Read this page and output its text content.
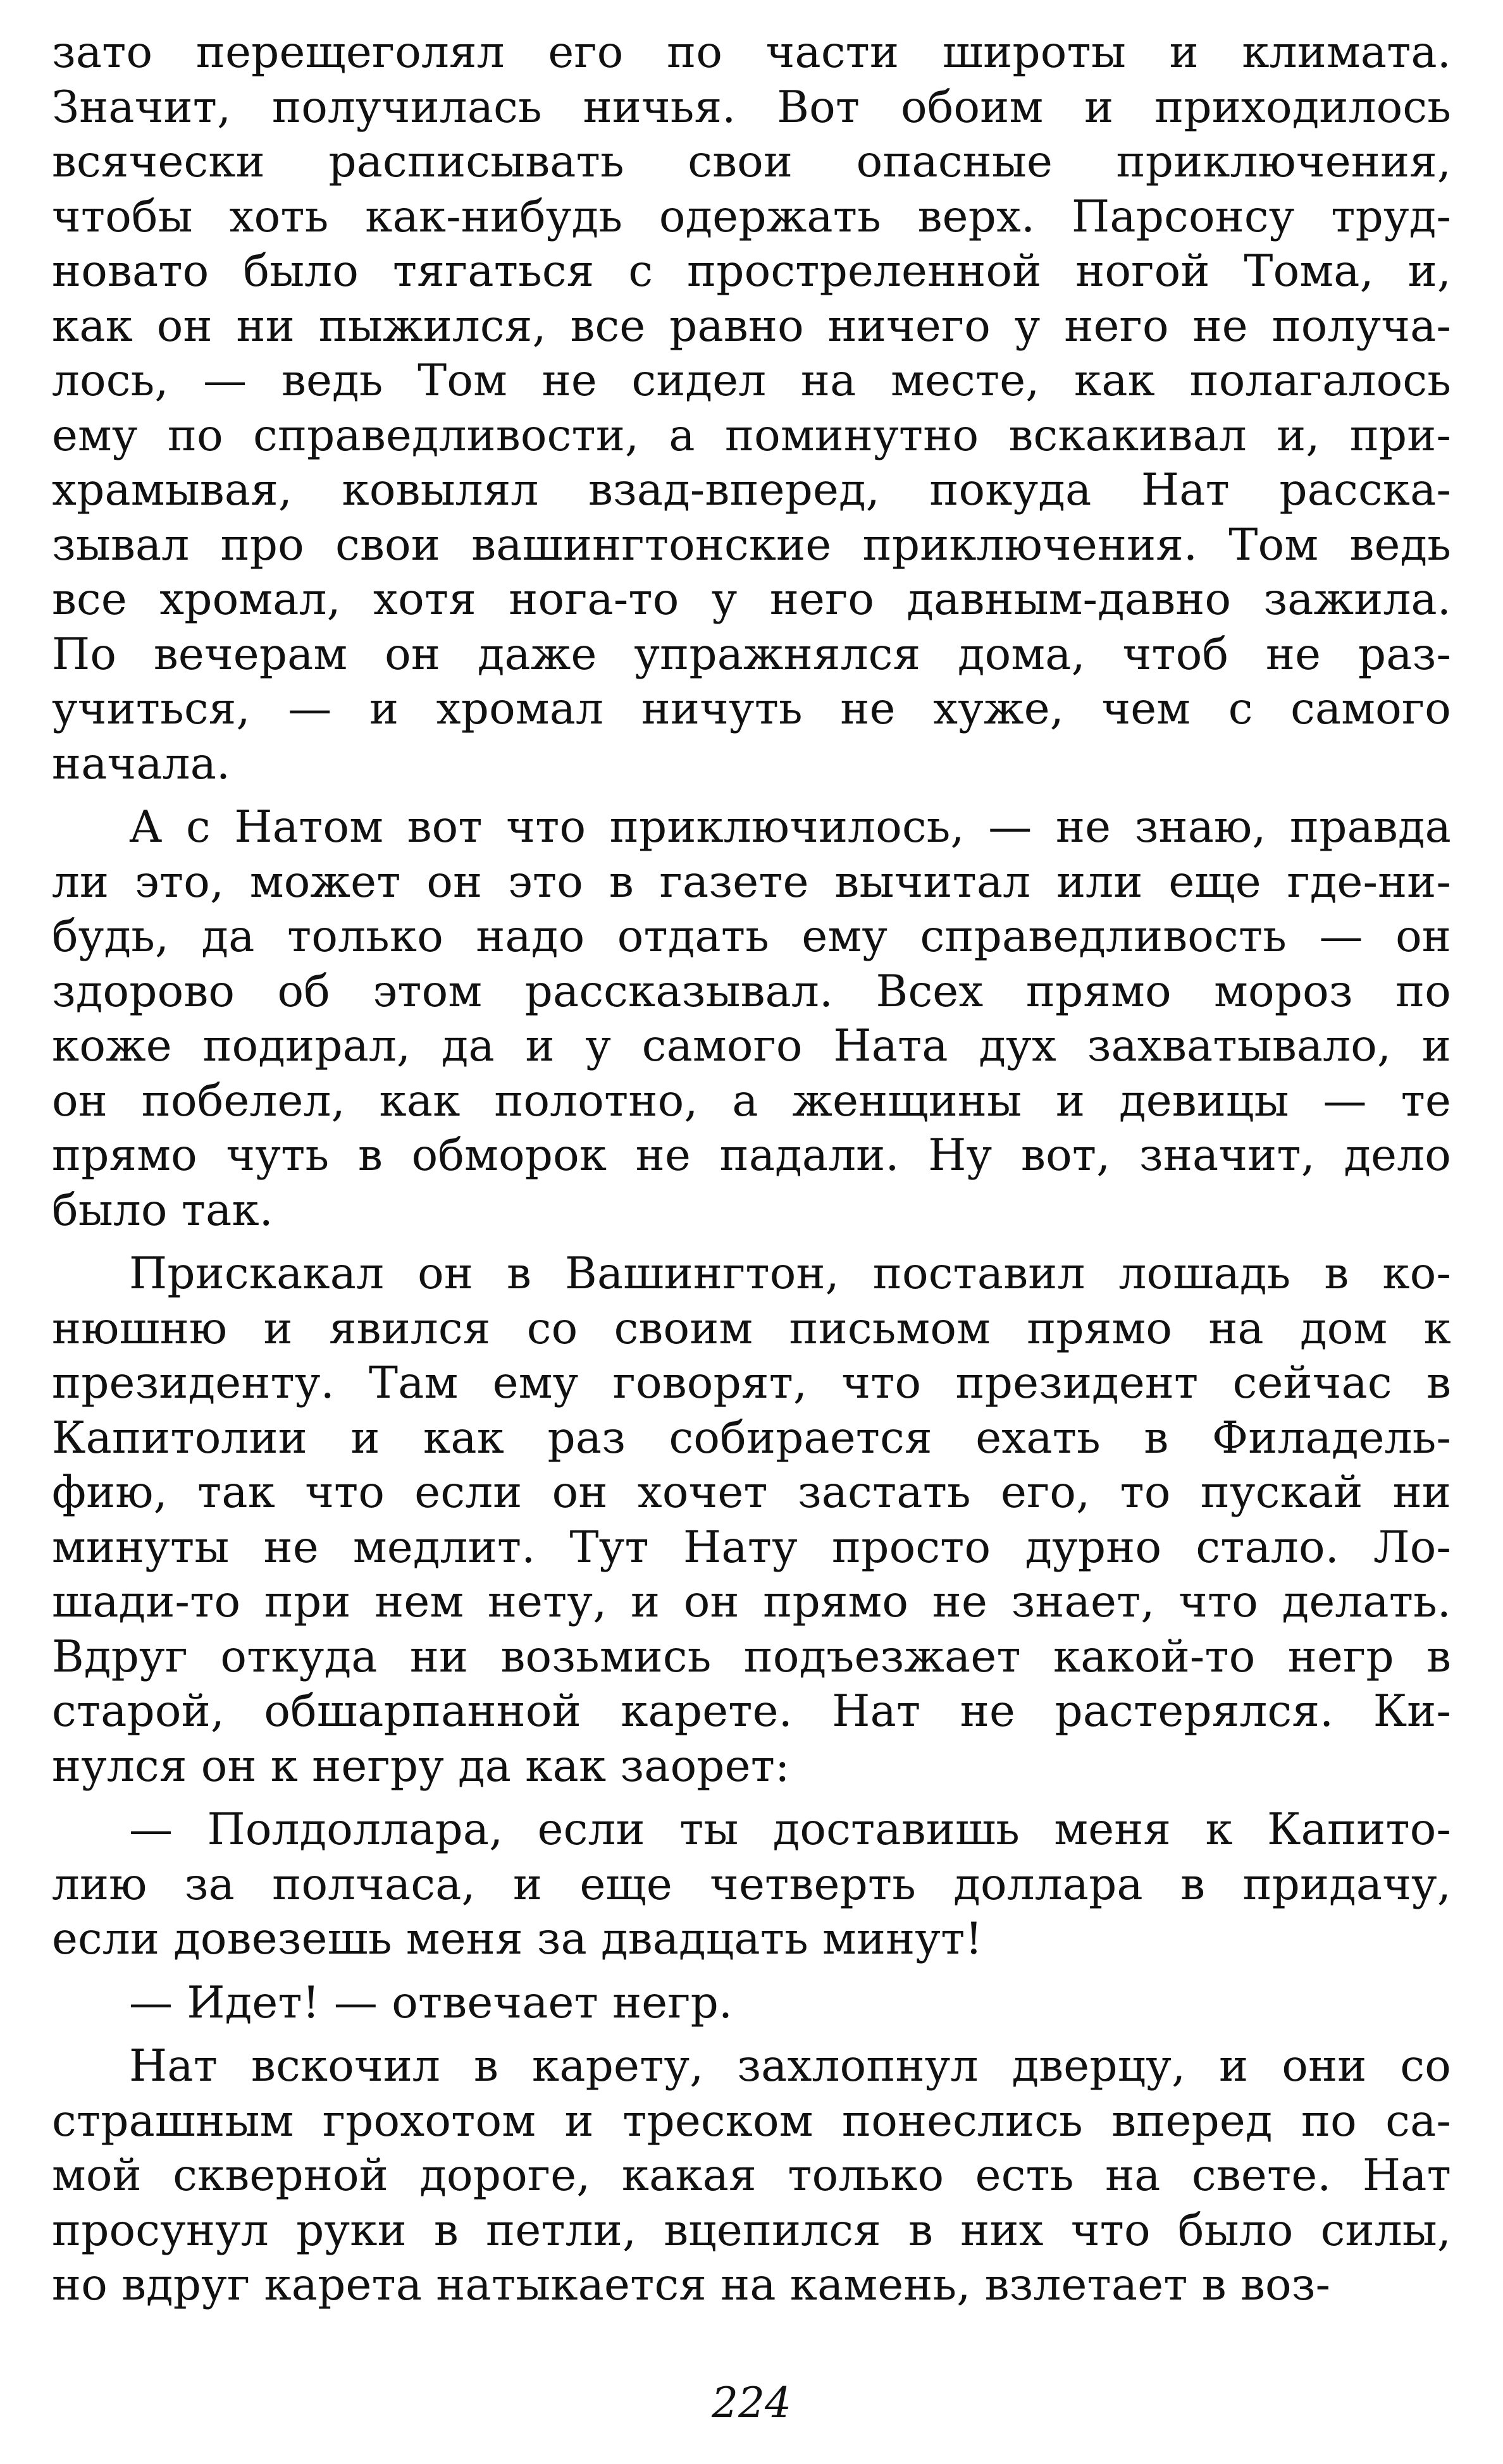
зато перещеголял его по части широты и климата.
Значит, получилась ничья. Вот обоим и приходилось
всячески расписывать свои опасные приключения,
чтобы хоть как-нибудь одержать верх. Парсонсу труд-
новато было тягаться с простреленной ногой Тома, и,
как он ни пыжился, все равно ничего у него не получа-
лось, — ведь Том не сидел на месте, как полагалось
ему по справедливости, а поминутно вскакивал и, при-
храмывая, ковылял взад-вперед, покуда Нат расска-
зывал про свои вашингтонские приключения. Том ведь
все хромал, хотя нога-то у него давным-давно зажила.
По вечерам он даже упражнялся дома, чтоб не раз-
учиться, — и хромал ничуть не хуже, чем с самого
начала.
А с Натом вот что приключилось, — не знаю, правда
ли это, может он это в газете вычитал или еще где-ни-
будь, да только надо отдать ему справедливость — он
здорово об этом рассказывал. Всех прямо мороз по
коже подирал, да и у самого Ната дух захватывало, и
он побелел, как полотно, а женщины и девицы — те
прямо чуть в обморок не падали. Ну вот, значит, дело
было так.
Прискакал он в Вашингтон, поставил лошадь в ко-
нюшню и явился со своим письмом прямо на дом к
президенту. Там ему говорят, что президент сейчас в
Капитолии и как раз собирается ехать в Филадель-
фию, так что если он хочет застать его, то пускай ни
минуты не медлит. Тут Нату просто дурно стало. Ло-
шади-то при нем нету, и он прямо не знает, что делать.
Вдруг откуда ни возьмись подъезжает какой-то негр в
старой, обшарпанной карете. Нат не растерялся. Ки-
нулся он к негру да как заорет:
— Полдоллара, если ты доставишь меня к Капито-
лию за полчаса, и еще четверть доллара в придачу,
если довезешь меня за двадцать минут!
— Идет! — отвечает негр.
Нат вскочил в карету, захлопнул дверцу, и они со
страшным грохотом и треском понеслись вперед по са-
мой скверной дороге, какая только есть на свете. Нат
просунул руки в петли, вцепился в них что было силы,
но вдруг карета натыкается на камень, взлетает в воз-
224
